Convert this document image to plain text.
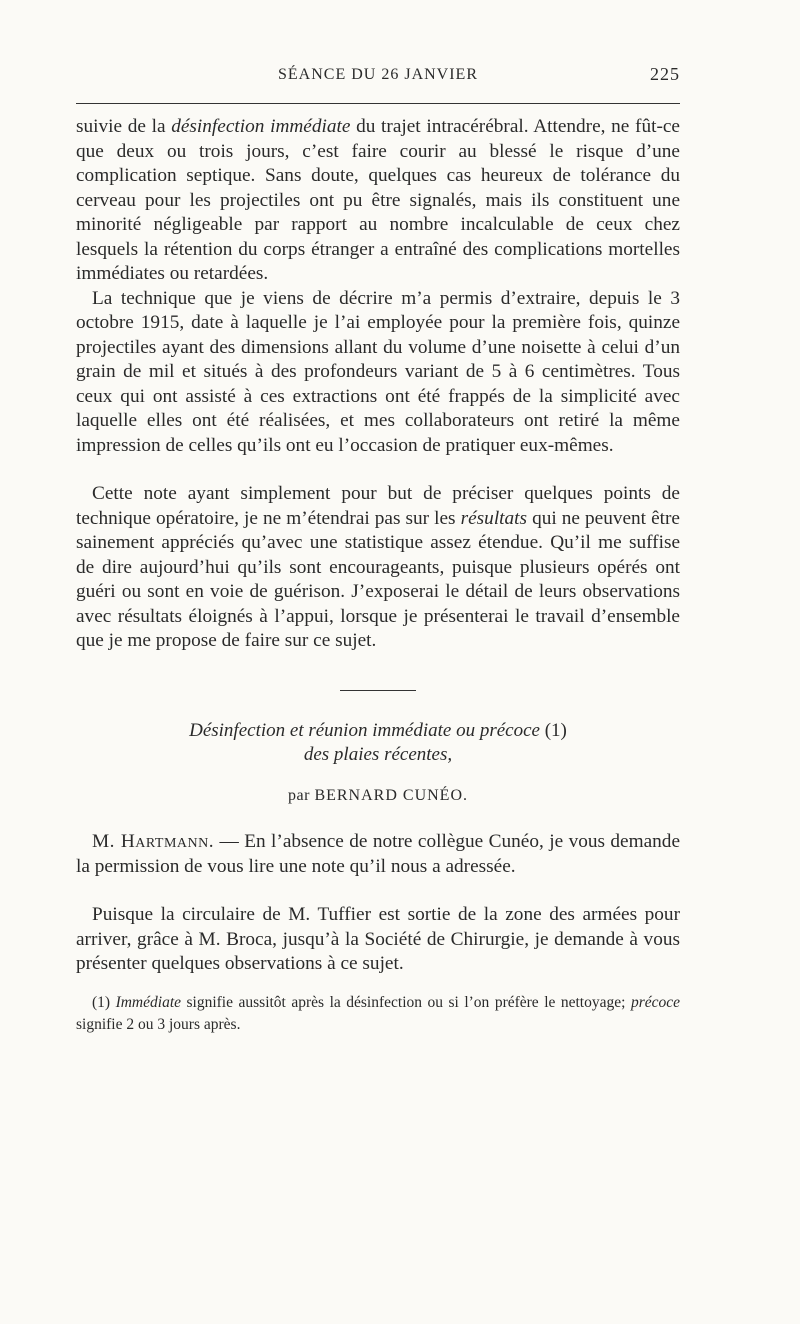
SÉANCE DU 26 JANVIER	225

suivie de la désinfection immédiate du trajet intracérébral. Attendre, ne fût-ce que deux ou trois jours, c’est faire courir au blessé le risque d’une complication septique. Sans doute, quelques cas heureux de tolérance du cerveau pour les projectiles ont pu être signalés, mais ils constituent une minorité négligeable par rapport au nombre incalculable de ceux chez lesquels la rétention du corps étranger a entraîné des complications mortelles immédiates ou retardées.

La technique que je viens de décrire m’a permis d’extraire, depuis le 3 octobre 1915, date à laquelle je l’ai employée pour la première fois, quinze projectiles ayant des dimensions allant du volume d’une noisette à celui d’un grain de mil et situés à des profondeurs variant de 5 à 6 centimètres. Tous ceux qui ont assisté à ces extractions ont été frappés de la simplicité avec laquelle elles ont été réalisées, et mes collaborateurs ont retiré la même impression de celles qu’ils ont eu l’occasion de pratiquer eux-mêmes.

Cette note ayant simplement pour but de préciser quelques points de technique opératoire, je ne m’étendrai pas sur les résultats qui ne peuvent être sainement appréciés qu’avec une statistique assez étendue. Qu’il me suffise de dire aujourd’hui qu’ils sont encourageants, puisque plusieurs opérés ont guéri ou sont en voie de guérison. J’exposerai le détail de leurs observations avec résultats éloignés à l’appui, lorsque je présenterai le travail d’ensemble que je me propose de faire sur ce sujet.

Désinfection et réunion immédiate ou précoce (1)
des plaies récentes,
par BERNARD CUNÉO.

M. Hartmann. — En l’absence de notre collègue Cunéo, je vous demande la permission de vous lire une note qu’il nous a adressée.

Puisque la circulaire de M. Tuffier est sortie de la zone des armées pour arriver, grâce à M. Broca, jusqu’à la Société de Chirurgie, je demande à vous présenter quelques observations à ce sujet.

(1) Immédiate signifie aussitôt après la désinfection ou si l’on préfère le nettoyage; précoce signifie 2 ou 3 jours après.
